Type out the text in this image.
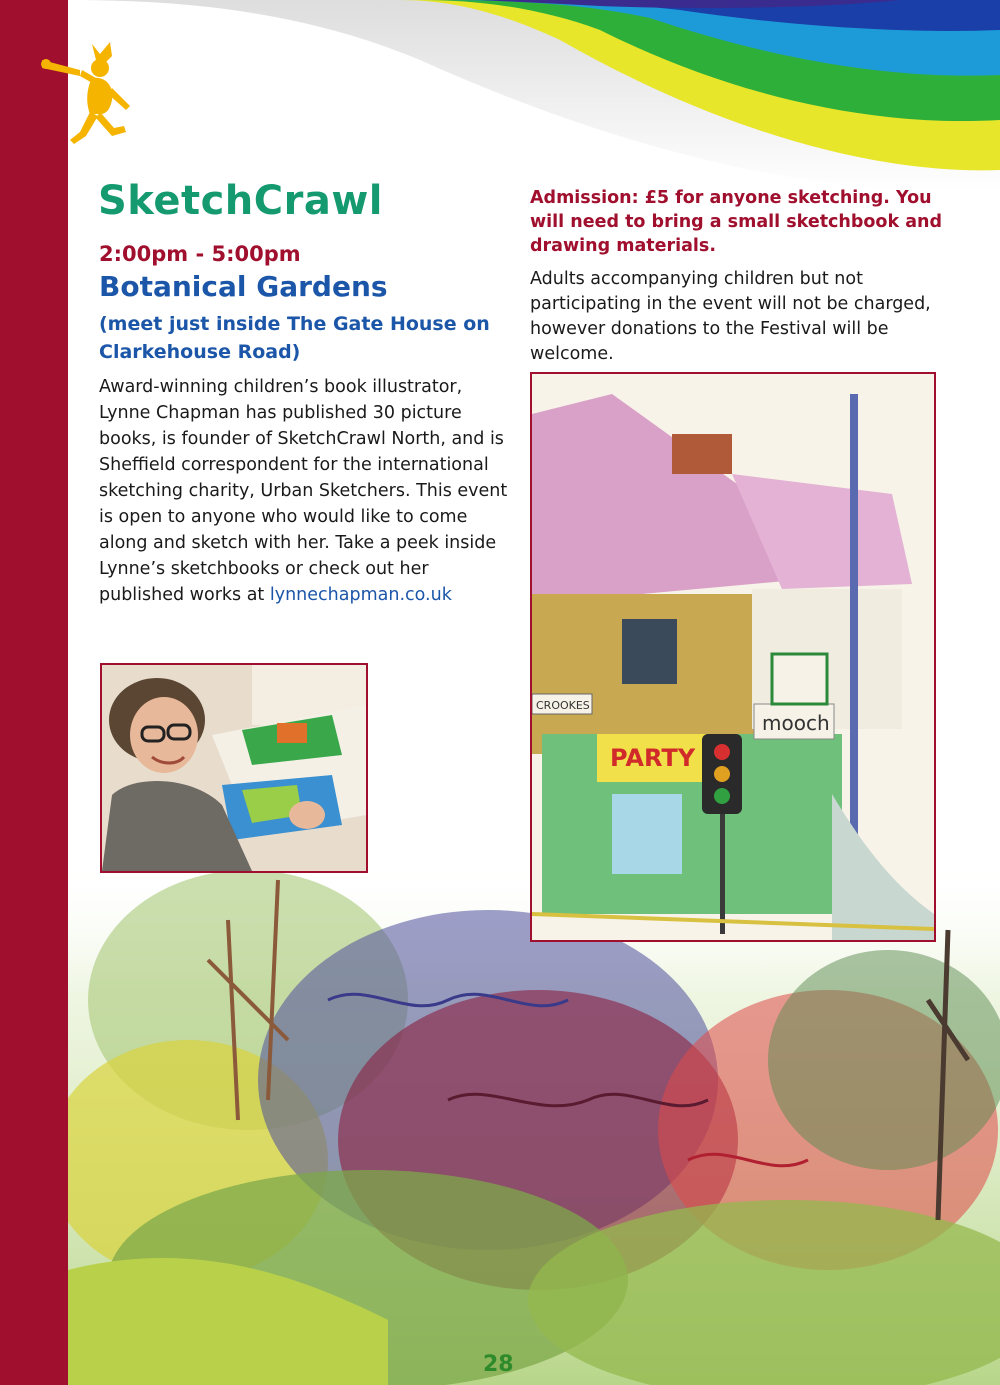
SketchCrawl
2:00pm - 5:00pm
Botanical Gardens

(meet just inside The Gate House on Clarkehouse Road)

Award-winning children’s book illustrator, Lynne Chapman has published 30 picture books, is founder of SketchCrawl North, and is Sheffield correspondent for the international sketching charity, Urban Sketchers. This event is open to anyone who would like to come along and sketch with her. Take a peek inside Lynne’s sketchbooks or check out her published works at lynnechapman.co.uk

Admission: £5 for anyone sketching. You will need to bring a small sketchbook and drawing materials.

Adults accompanying children but not participating in the event will not be charged, however donations to the Festival will be welcome.

PARTY
mooch
CROOKES

28
